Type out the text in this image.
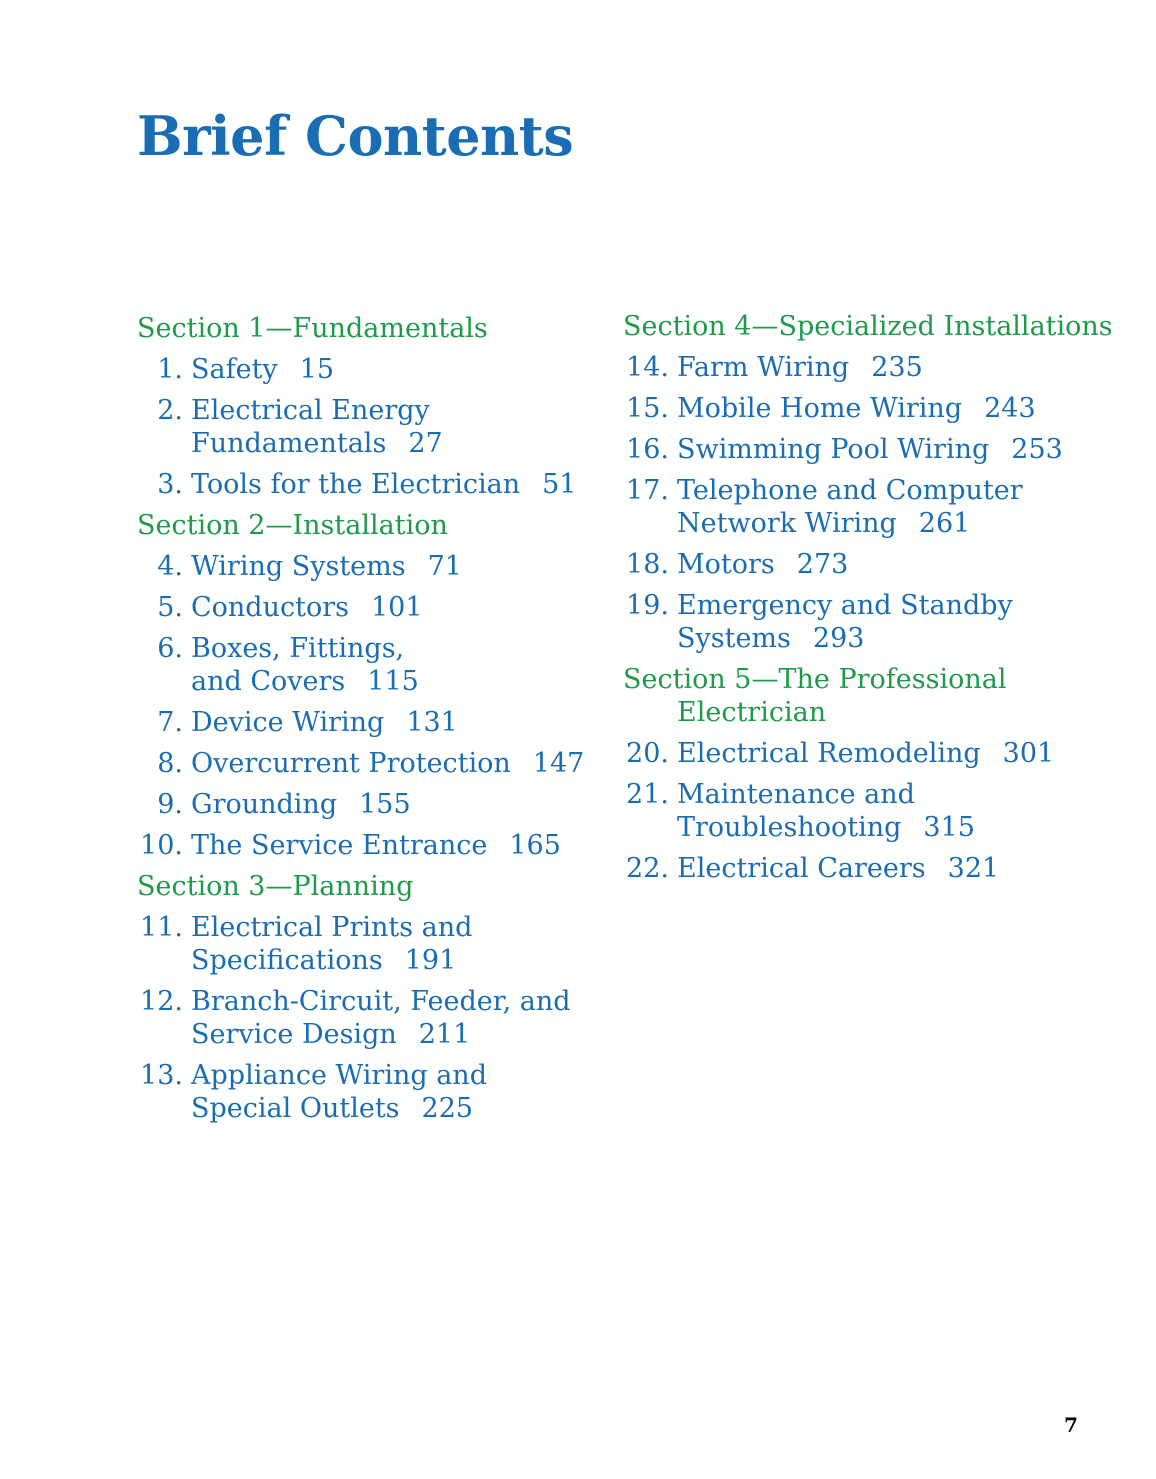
Brief Contents
Section 1—Fundamentals
1. Safety 15
2. Electrical Energy
Fundamentals 27
3. Tools for the Electrician 51
Section 2—Installation
4. Wiring Systems 71
5. Conductors 101
6. Boxes, Fittings,
and Covers 115
7. Device Wiring 131
8. Overcurrent Protection 147
9. Grounding 155
10. The Service Entrance 165
Section 3—Planning
11. Electrical Prints and
Specifications 191
12. Branch-Circuit, Feeder, and
Service Design 211
13. Appliance Wiring and
Special Outlets 225
Section 4—Specialized Installations
14. Farm Wiring 235
15. Mobile Home Wiring 243
16. Swimming Pool Wiring 253
17. Telephone and Computer
Network Wiring 261
18. Motors 273
19. Emergency and Standby
Systems 293
Section 5—The Professional
Electrician
20. Electrical Remodeling 301
21. Maintenance and
Troubleshooting 315
22. Electrical Careers 321
7
